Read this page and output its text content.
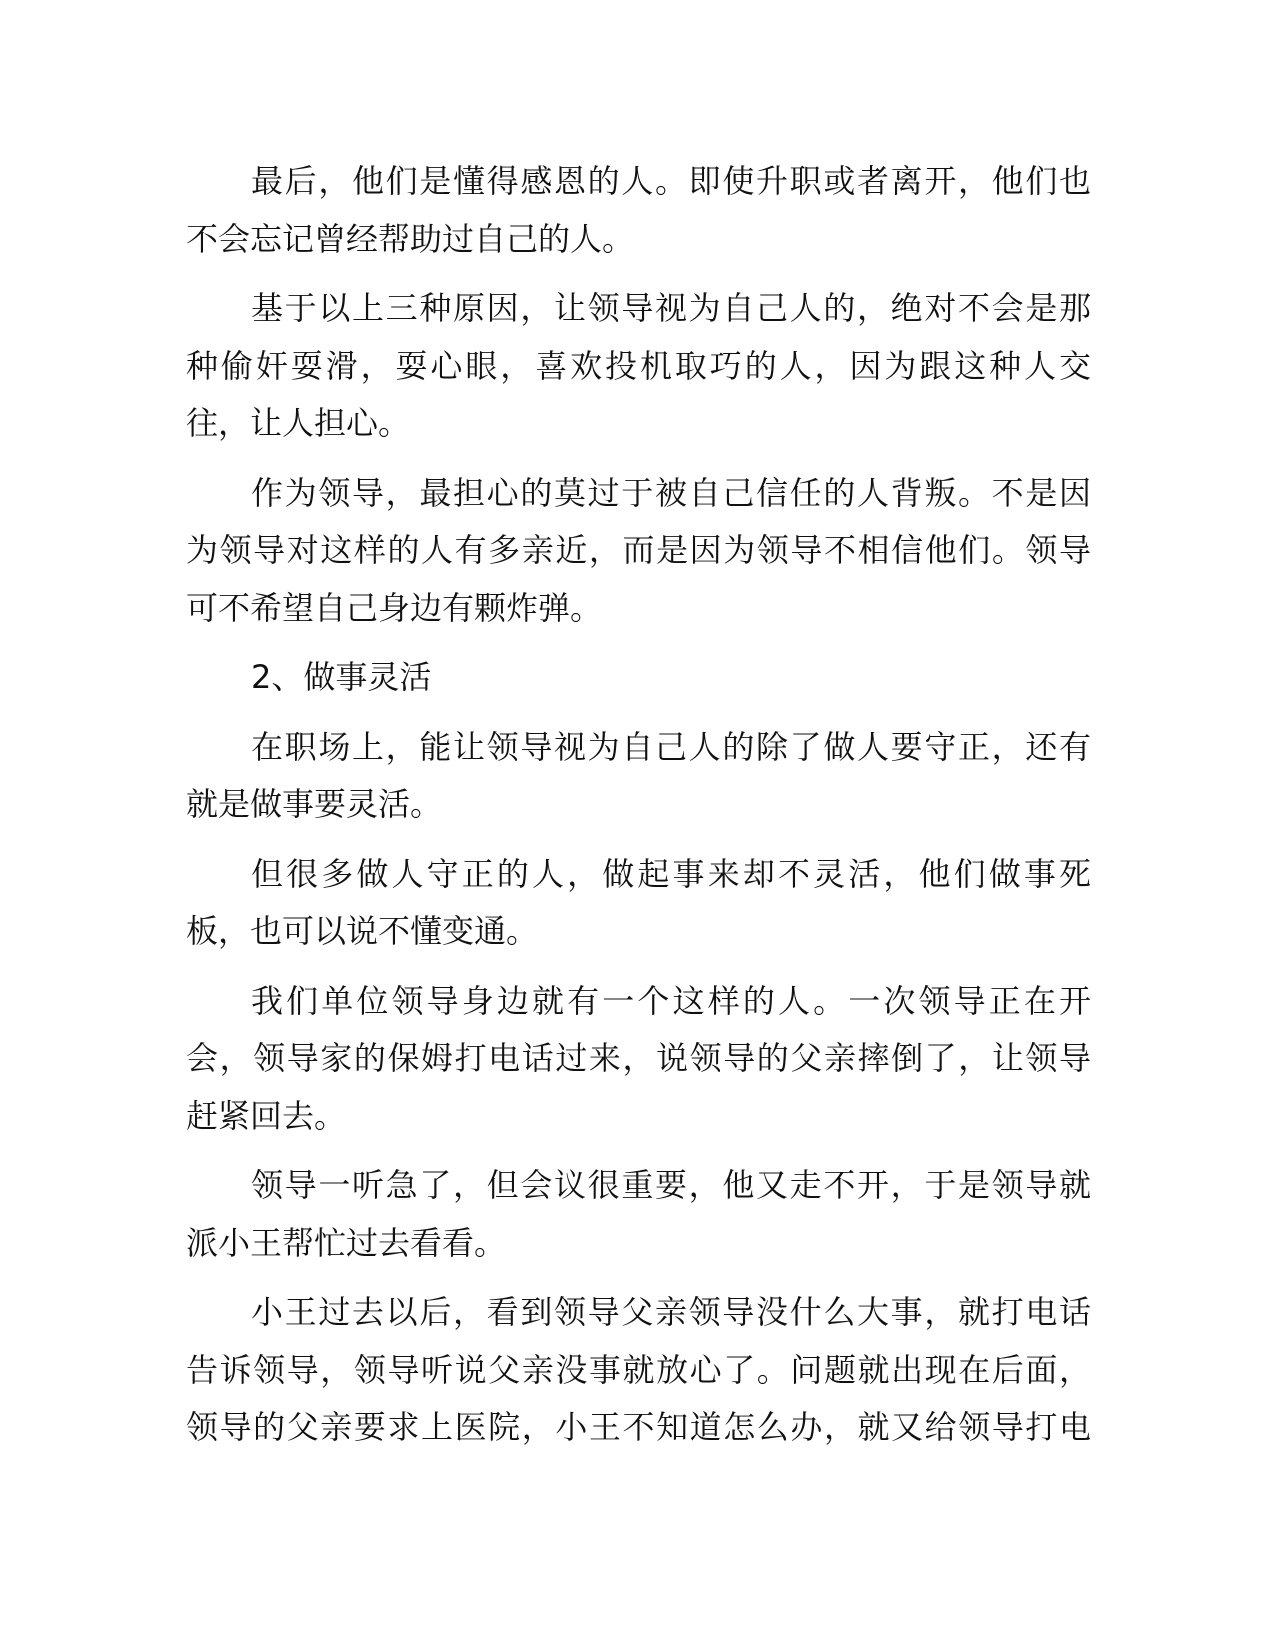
最后，他们是懂得感恩的人。即使升职或者离开，他们也
不会忘记曾经帮助过自己的人。
基于以上三种原因，让领导视为自己人的，绝对不会是那
种偷奸耍滑，耍心眼，喜欢投机取巧的人，因为跟这种人交
往，让人担心。
作为领导，最担心的莫过于被自己信任的人背叛。不是因
为领导对这样的人有多亲近，而是因为领导不相信他们。领导
可不希望自己身边有颗炸弹。
2、做事灵活
在职场上，能让领导视为自己人的除了做人要守正，还有
就是做事要灵活。
但很多做人守正的人，做起事来却不灵活，他们做事死
板，也可以说不懂变通。
我们单位领导身边就有一个这样的人。一次领导正在开
会，领导家的保姆打电话过来，说领导的父亲摔倒了，让领导
赶紧回去。
领导一听急了，但会议很重要，他又走不开，于是领导就
派小王帮忙过去看看。
小王过去以后，看到领导父亲领导没什么大事，就打电话
告诉领导，领导听说父亲没事就放心了。问题就出现在后面，
领导的父亲要求上医院，小王不知道怎么办，就又给领导打电
